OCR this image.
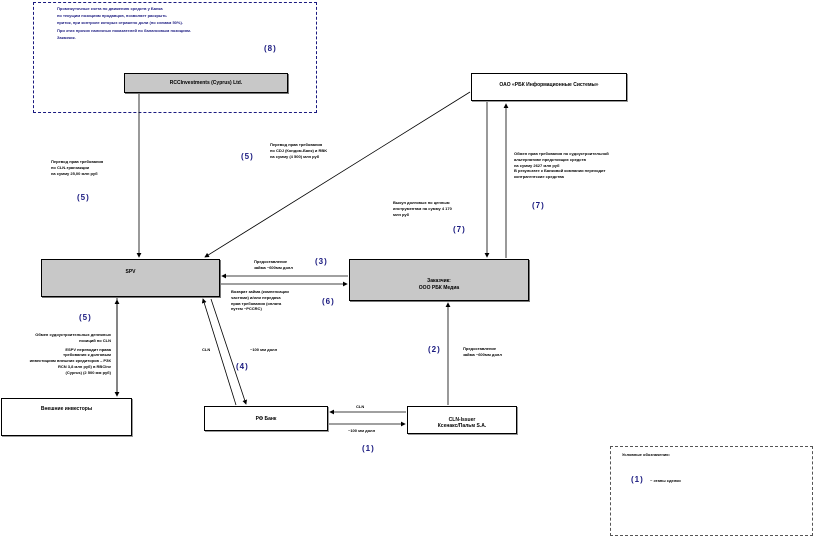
Промежуточные счета по движению средств у Банка
по текущим позициям продавцов, позволяет раскрыть
приток, при контроле которых отражено доли (по схемам 50%).
При этих прочих наличных показателей по балансовым позициям.
Заказчик.
(8)
Условные обозначения:
(1) ~ этапы сделки
RCCInvestments (Cyprus) Ltd.	ОАО «РБК Информационные Системы»
SPV
Заказчик:
ООО РБК Медиа
Внешние инвесторы
РФ Банк	CLN-Issuer
Ксенакс/Пальм S.A.
Перевод прав требования
по CLN-транзакции
на сумму 25,00 млн руб
(5)
Перевод прав требования
по CDJ (Кондом-Банк) и RBK
на сумму (4 500) млн руб
(5)	Обмен прав требования по судоустроительной
альтернативе предстоящих средств
на сумму 2627 млн руб
В результате к Банковой компании переходит
контрагентские средства
(7)
Выкуп долговых по ценным
инструментам на сумму 4 170
млн руб
(7)
Предоставление
займа ~600мм долл
(3)
Возврат займа (компенсации
частями) и/или передача
прав требования (оплата
путем ~PCCRC)
(6)
(5)
Обмен судоустроительных денежных
позиций по CLN
ESPV переводит права
требования к долговым
инвестициям внешних кредиторов – РЗК
RCN 3,8 млн руб) в RBCInv
(Cyprus) (2 500 мм руб)
CLN	~100 мм долл
(4)
(2)	Предоставление
займа ~600мм долл
CLN
~100 мм долл
(1)
